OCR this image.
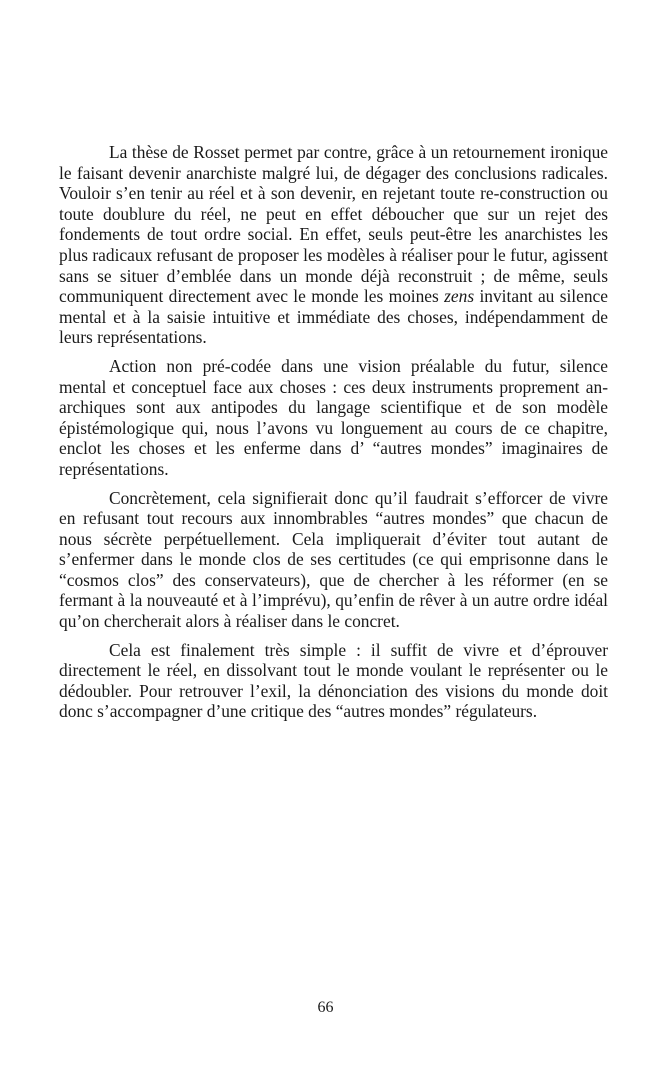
La thèse de Rosset permet par contre, grâce à un retournement ironique le faisant devenir anarchiste malgré lui, de dégager des conclusions radicales. Vouloir s’en tenir au réel et à son devenir, en rejetant toute re-construction ou toute doublure du réel, ne peut en effet déboucher que sur un rejet des fondements de tout ordre social. En effet, seuls peut-être les anarchistes les plus radicaux refusant de proposer les modèles à réaliser pour le futur, agissent sans se situer d’emblée dans un monde déjà reconstruit ; de même, seuls communiquent directement avec le monde les moines zens invitant au silence mental et à la saisie intuitive et immédiate des choses, indépendamment de leurs représentations.

Action non pré-codée dans une vision préalable du futur, silence mental et conceptuel face aux choses : ces deux instruments proprement an-archiques sont aux antipodes du langage scientifique et de son modèle épistémologique qui, nous l’avons vu longuement au cours de ce chapitre, enclot les choses et les enferme dans d’ “autres mondes” imaginaires de représentations.

Concrètement, cela signifierait donc qu’il faudrait s’efforcer de vivre en refusant tout recours aux innombrables “autres mondes” que chacun de nous sécrète perpétuellement. Cela impliquerait d’éviter tout autant de s’enfermer dans le monde clos de ses certitudes (ce qui emprisonne dans le “cosmos clos” des conservateurs), que de chercher à les réformer (en se fermant à la nouveauté et à l’imprévu), qu’enfin de rêver à un autre ordre idéal qu’on chercherait alors à réaliser dans le concret.

Cela est finalement très simple : il suffit de vivre et d’éprouver directement le réel, en dissolvant tout le monde voulant le représenter ou le dédoubler. Pour retrouver l’exil, la dénonciation des visions du monde doit donc s’accompagner d’une critique des “autres mondes” régulateurs.

66
